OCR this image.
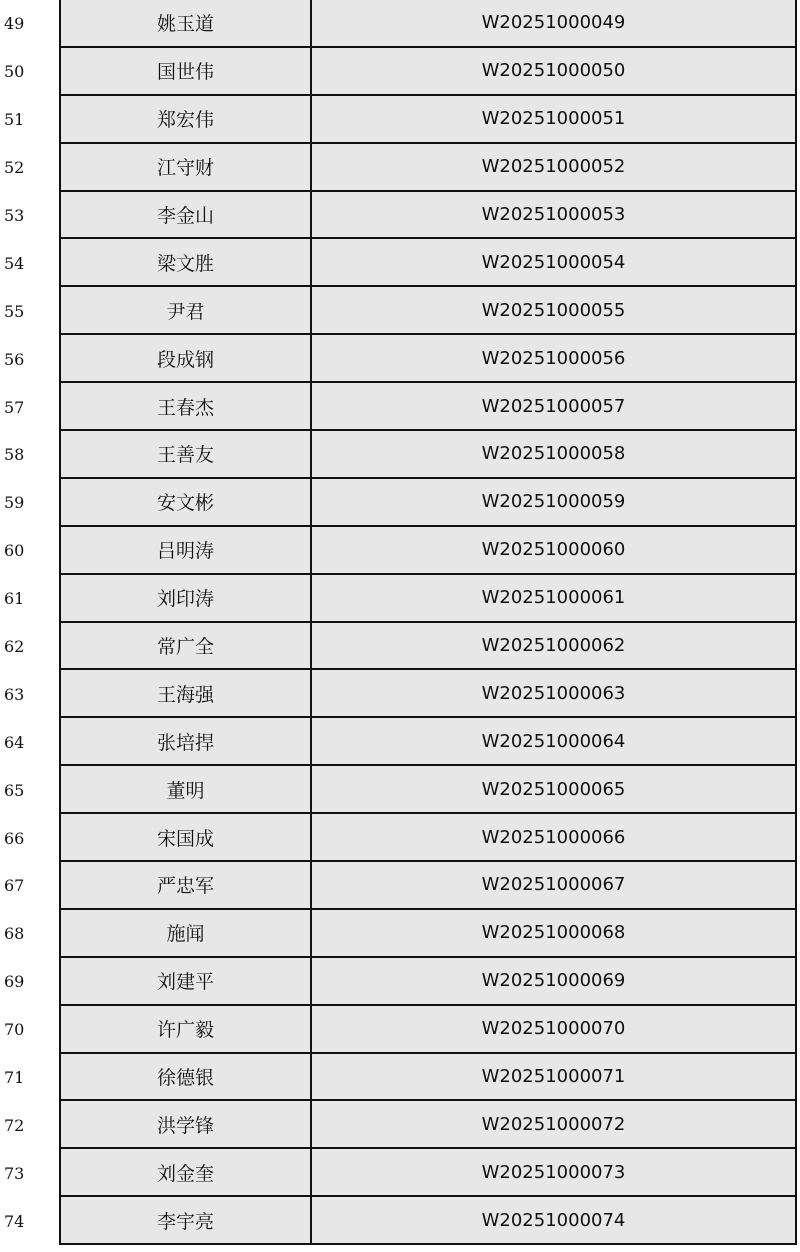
49	姚玉道	W20251000049
50	国世伟	W20251000050
51	郑宏伟	W20251000051
52	江守财	W20251000052
53	李金山	W20251000053
54	梁文胜	W20251000054
55	尹君	W20251000055
56	段成钢	W20251000056
57	王春杰	W20251000057
58	王善友	W20251000058
59	安文彬	W20251000059
60	吕明涛	W20251000060
61	刘印涛	W20251000061
62	常广全	W20251000062
63	王海强	W20251000063
64	张培捍	W20251000064
65	董明	W20251000065
66	宋国成	W20251000066
67	严忠军	W20251000067
68	施闻	W20251000068
69	刘建平	W20251000069
70	许广毅	W20251000070
71	徐德银	W20251000071
72	洪学锋	W20251000072
73	刘金奎	W20251000073
74	李宇亮	W20251000074
